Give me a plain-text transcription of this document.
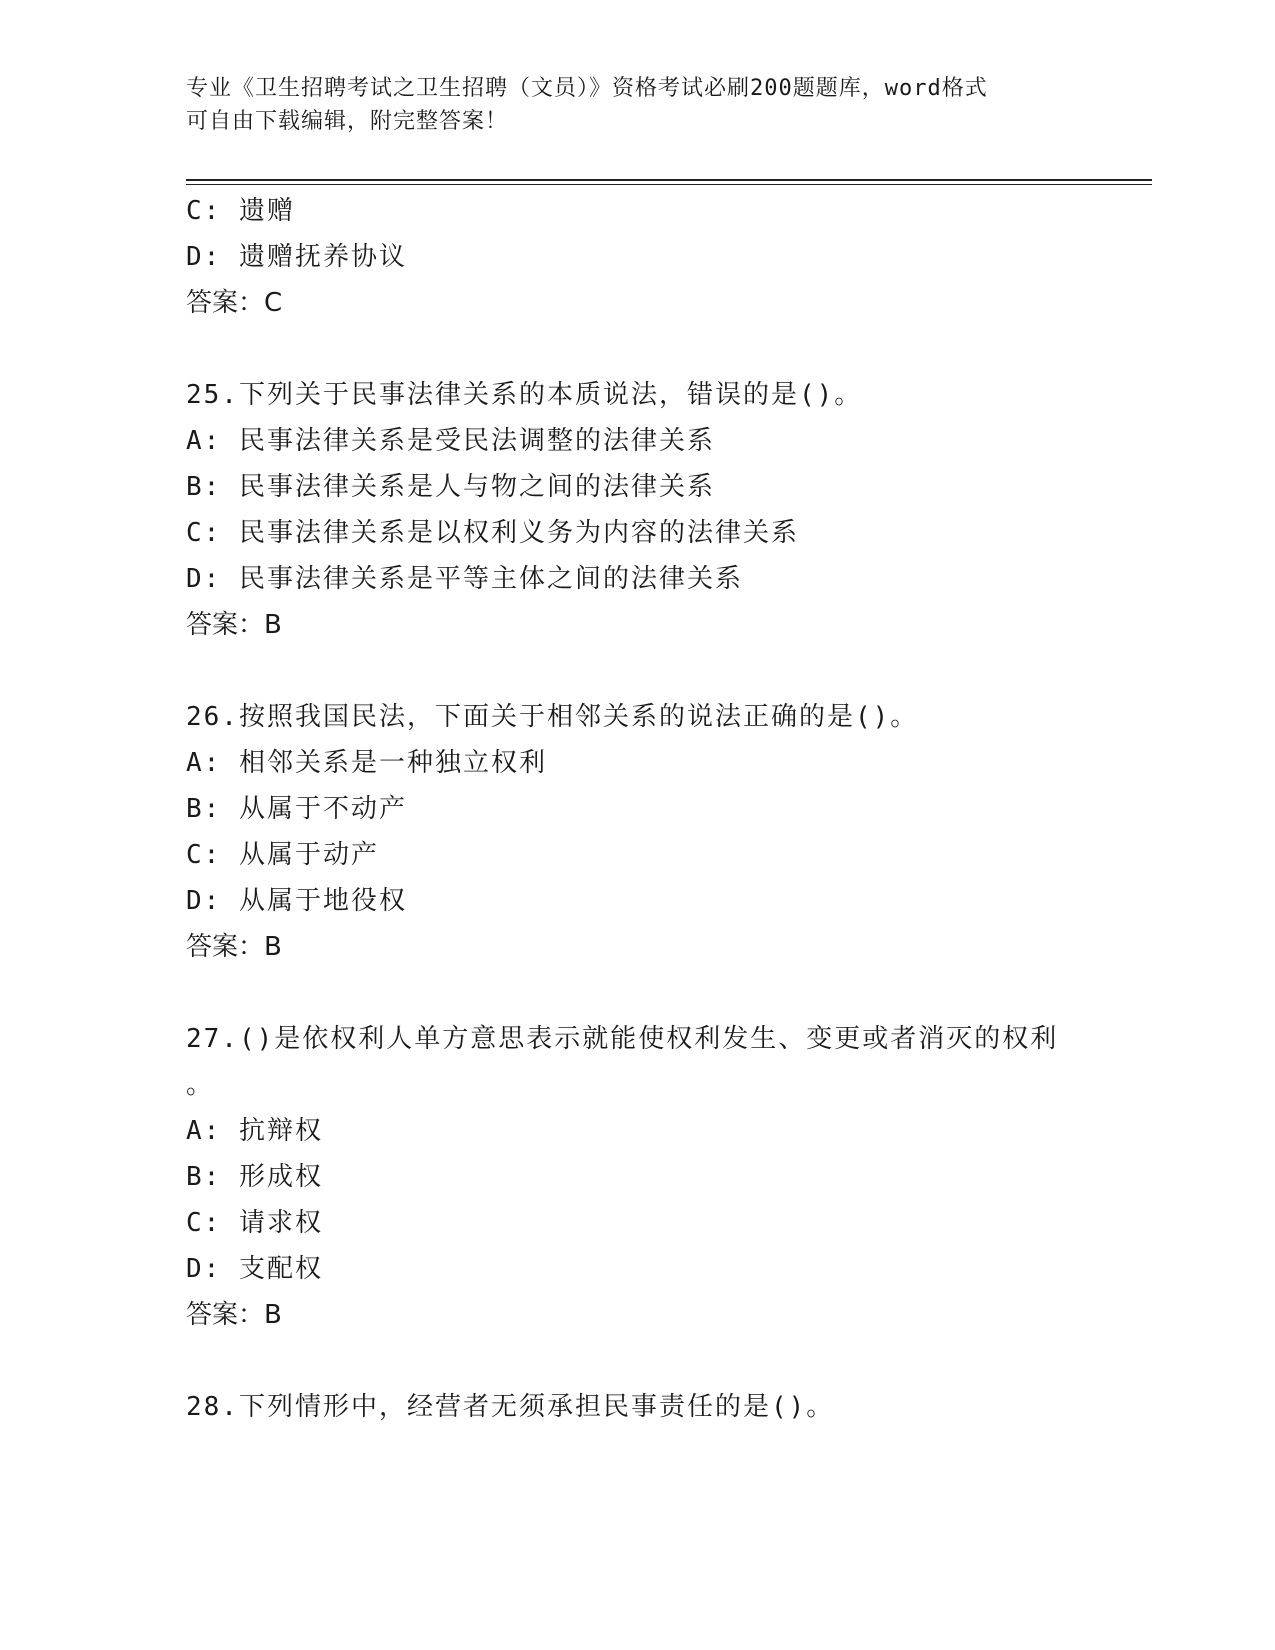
专业《卫生招聘考试之卫生招聘（文员）》资格考试必刷200题题库，word格式
可自由下载编辑，附完整答案！
C: 遗赠
D: 遗赠抚养协议
答案：C
25.下列关于民事法律关系的本质说法，错误的是()。
A: 民事法律关系是受民法调整的法律关系
B: 民事法律关系是人与物之间的法律关系
C: 民事法律关系是以权利义务为内容的法律关系
D: 民事法律关系是平等主体之间的法律关系
答案：B
26.按照我国民法，下面关于相邻关系的说法正确的是()。
A: 相邻关系是一种独立权利
B: 从属于不动产
C: 从属于动产
D: 从属于地役权
答案：B
27.()是依权利人单方意思表示就能使权利发生、变更或者消灭的权利
。
A: 抗辩权
B: 形成权
C: 请求权
D: 支配权
答案：B
28.下列情形中，经营者无须承担民事责任的是()。
